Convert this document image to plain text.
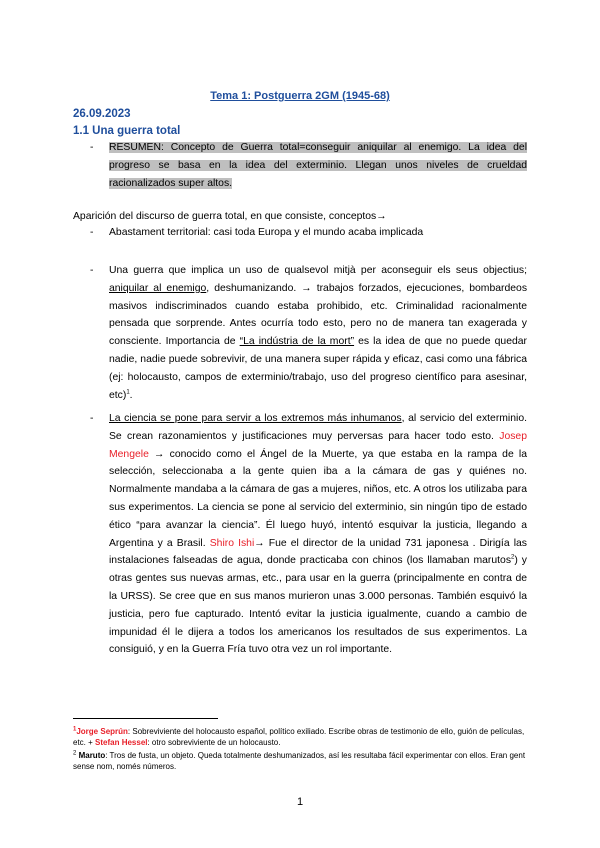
Tema 1: Postguerra 2GM (1945-68)
26.09.2023
1.1 Una guerra total
-	RESUMEN: Concepto de Guerra total=conseguir aniquilar al enemigo. La idea del progreso se basa en la idea del exterminio. Llegan unos niveles de crueldad racionalizados super altos.
Aparición del discurso de guerra total, en que consiste, conceptos→
-	Abastament territorial: casi toda Europa y el mundo acaba implicada
-	Una guerra que implica un uso de qualsevol mitjà per aconseguir els seus objectius; aniquilar al enemigo, deshumanizando. → trabajos forzados, ejecuciones, bombardeos masivos indiscriminados cuando estaba prohibido, etc. Criminalidad racionalmente pensada que sorprende. Antes ocurría todo esto, pero no de manera tan exagerada y consciente. Importancia de “La indústria de la mort” es la idea de que no puede quedar nadie, nadie puede sobrevivir, de una manera super rápida y eficaz, casi como una fábrica (ej: holocausto, campos de exterminio/trabajo, uso del progreso científico para asesinar, etc)$^1$.
-	La ciencia se pone para servir a los extremos más inhumanos, al servicio del exterminio. Se crean razonamientos y justificaciones muy perversas para hacer todo esto. Josep Mengele → conocido como el Ángel de la Muerte, ya que estaba en la rampa de la selección, seleccionaba a la gente quien iba a la cámara de gas y quiénes no. Normalmente mandaba a la cámara de gas a mujeres, niños, etc. A otros los utilizaba para sus experimentos. La ciencia se pone al servicio del exterminio, sin ningún tipo de estado ético “para avanzar la ciencia”. Él luego huyó, intentó esquivar la justicia, llegando a Argentina y a Brasil. Shiro Ishi→ Fue el director de la unidad 731 japonesa . Dirigía las instalaciones falseadas de agua, donde practicaba con chinos (los llamaban marutos$^2$) y otras gentes sus nuevas armas, etc., para usar en la guerra (principalmente en contra de la URSS). Se cree que en sus manos murieron unas 3.000 personas. También esquivó la justicia, pero fue capturado. Intentó evitar la justicia igualmente, cuando a cambio de impunidad él le dijera a todos los americanos los resultados de sus experimentos. La consiguió, y en la Guerra Fría tuvo otra vez un rol importante.
$^1$Jorge Seprún: Sobreviviente del holocausto español, político exiliado. Escribe obras de testimonio de ello, guión de películas, etc. + Stefan Hessel: otro sobreviviente de un holocausto.
$^2$ Maruto: Tros de fusta, un objeto. Queda totalmente deshumanizados, así les resultaba fácil experimentar con ellos. Eran gent sense nom, només números.
1
